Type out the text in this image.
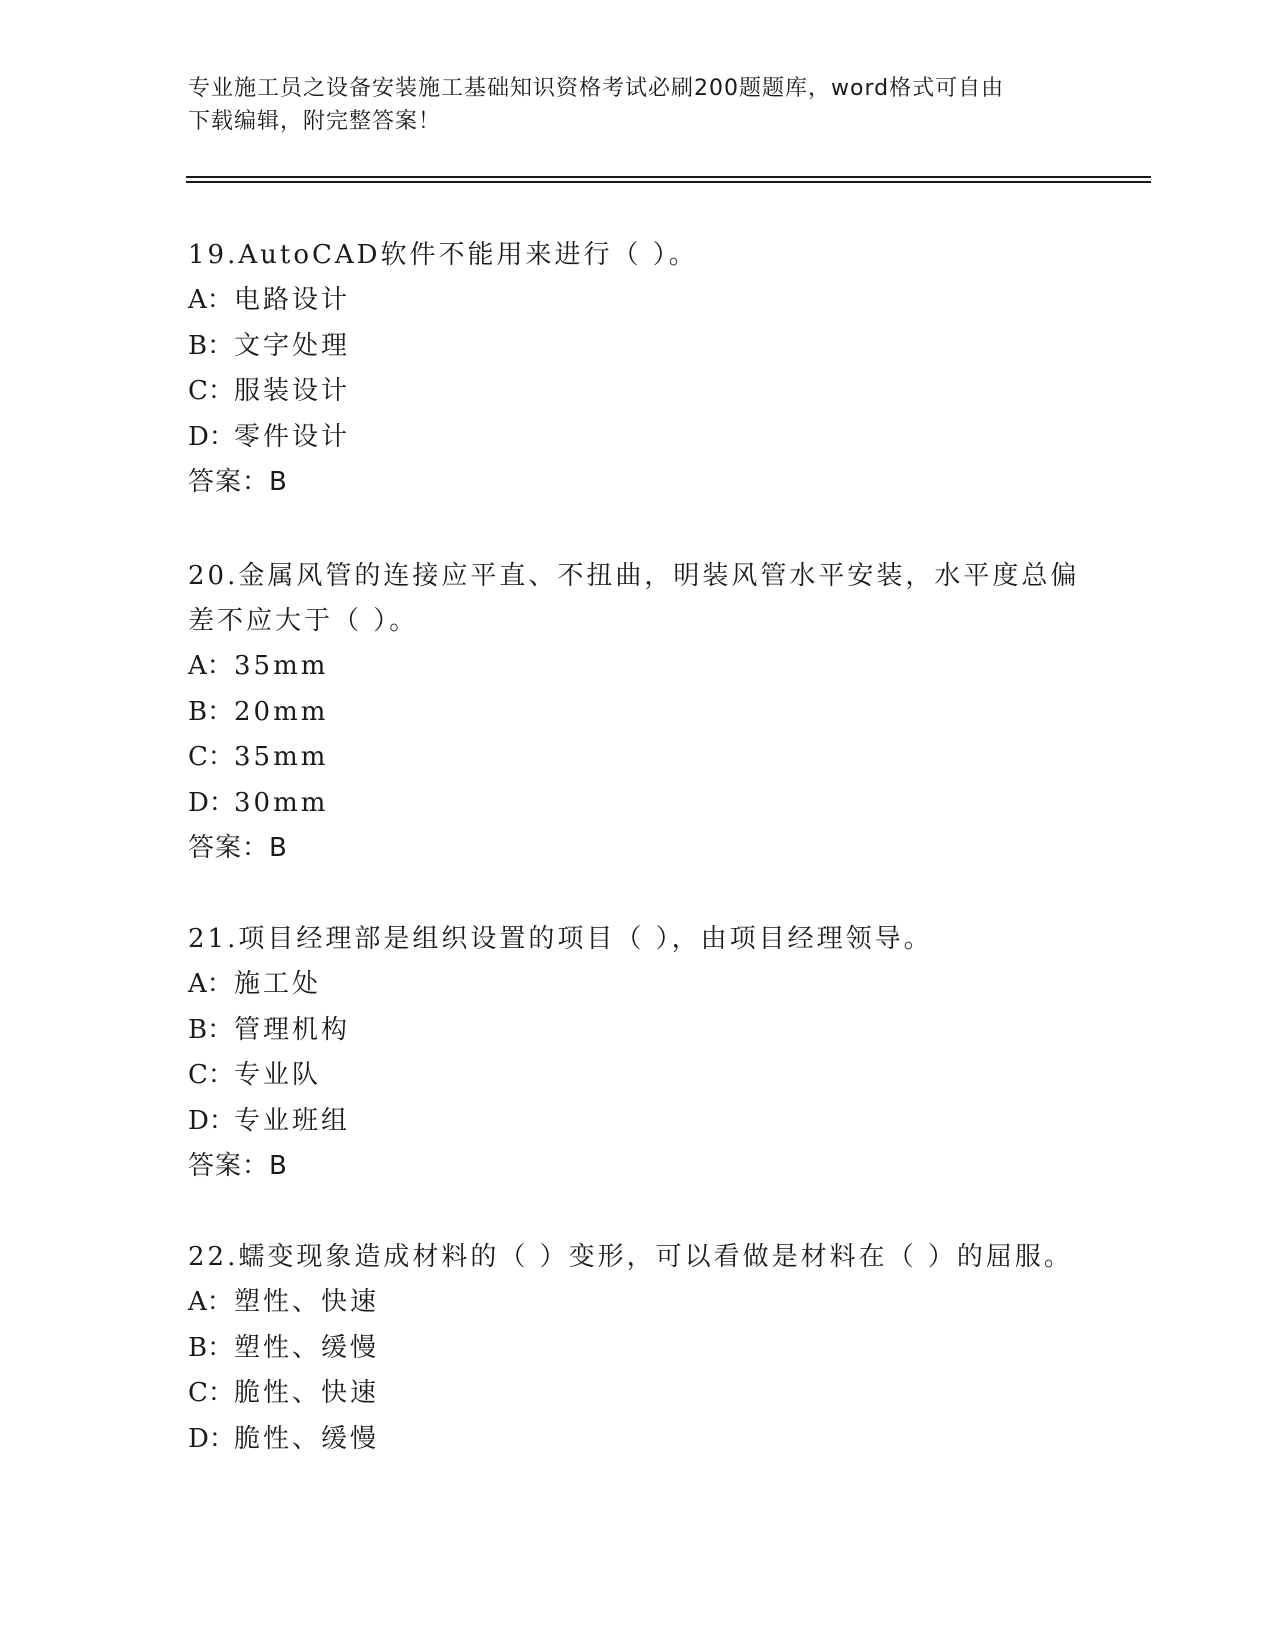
专业施工员之设备安装施工基础知识资格考试必刷200题题库，word格式可自由
下载编辑，附完整答案！
19.AutoCAD软件不能用来进行（ ）。
A：电路设计
B：文字处理
C：服装设计
D：零件设计
答案：B
20.金属风管的连接应平直、不扭曲，明装风管水平安装，水平度总偏
差不应大于（ ）。
A：35mm
B：20mm
C：35mm
D：30mm
答案：B
21.项目经理部是组织设置的项目（ ），由项目经理领导。
A：施工处
B：管理机构
C：专业队
D：专业班组
答案：B
22.蠕变现象造成材料的（ ）变形，可以看做是材料在（ ）的屈服。
A：塑性、快速
B：塑性、缓慢
C：脆性、快速
D：脆性、缓慢
